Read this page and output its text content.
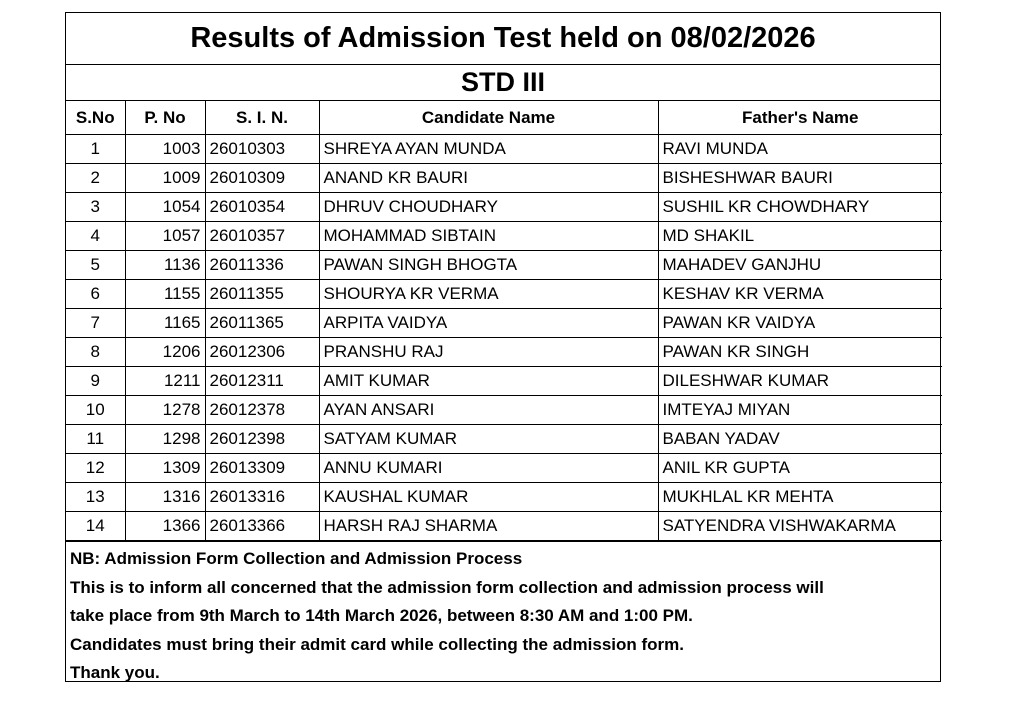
Results of Admission Test held on 08/02/2026
STD III
S.No	P. No	S. I. N.	Candidate Name	Father's Name
1	1003	26010303	SHREYA AYAN MUNDA	RAVI MUNDA
2	1009	26010309	ANAND KR BAURI	BISHESHWAR BAURI
3	1054	26010354	DHRUV CHOUDHARY	SUSHIL KR CHOWDHARY
4	1057	26010357	MOHAMMAD SIBTAIN	MD SHAKIL
5	1136	26011336	PAWAN SINGH BHOGTA	MAHADEV GANJHU
6	1155	26011355	SHOURYA KR VERMA	KESHAV KR VERMA
7	1165	26011365	ARPITA VAIDYA	PAWAN KR VAIDYA
8	1206	26012306	PRANSHU RAJ	PAWAN KR SINGH
9	1211	26012311	AMIT KUMAR	DILESHWAR KUMAR
10	1278	26012378	AYAN ANSARI	IMTEYAJ MIYAN
11	1298	26012398	SATYAM KUMAR	BABAN YADAV
12	1309	26013309	ANNU KUMARI	ANIL KR GUPTA
13	1316	26013316	KAUSHAL KUMAR	MUKHLAL KR MEHTA
14	1366	26013366	HARSH RAJ SHARMA	SATYENDRA VISHWAKARMA
NB: Admission Form Collection and Admission Process
This is to inform all concerned that the admission form collection and admission process will
take place from 9th March to 14th March 2026, between 8:30 AM and 1:00 PM.
Candidates must bring their admit card while collecting the admission form.
Thank you.
